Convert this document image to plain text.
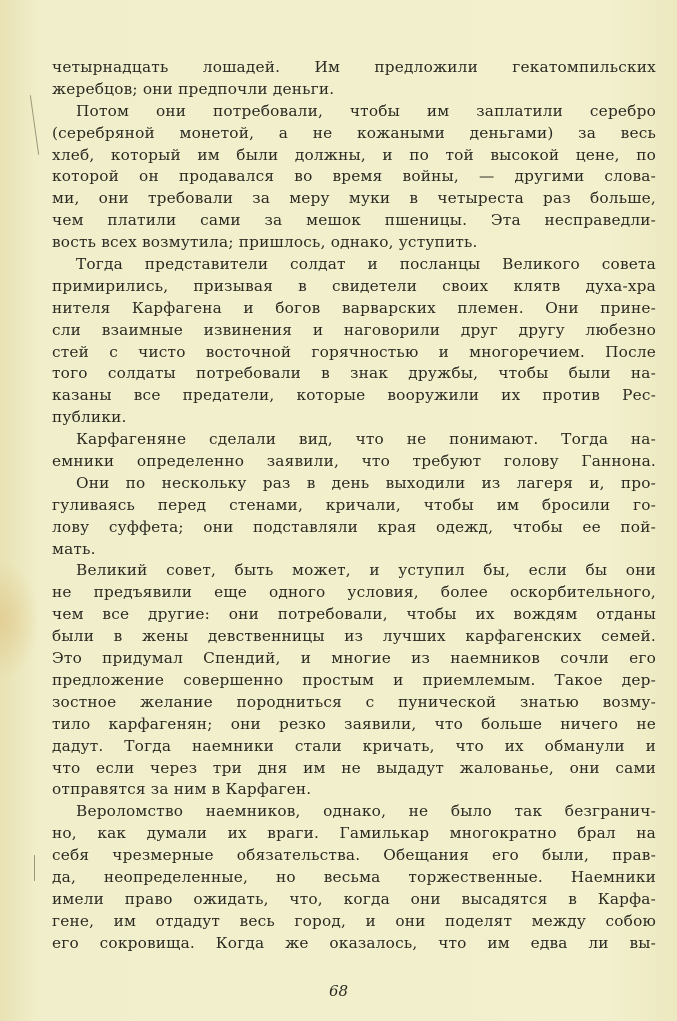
четырнадцать лошадей. Им предложили гекатомпильских
жеребцов; они предпочли деньги.
Потом они потребовали, чтобы им заплатили серебро
(серебряной монетой, а не кожаными деньгами) за весь
хлеб, который им были должны, и по той высокой цене, по
которой он продавался во время войны, — другими слова-
ми, они требовали за меру муки в четыреста раз больше,
чем платили сами за мешок пшеницы. Эта несправедли-
вость всех возмутила; пришлось, однако, уступить.
Тогда представители солдат и посланцы Великого совета
примирились, призывая в свидетели своих клятв духа-хра
нителя Карфагена и богов варварских племен. Они прине-
сли взаимные извинения и наговорили друг другу любезно
стей с чисто восточной горячностью и многоречием. После
того солдаты потребовали в знак дружбы, чтобы были на-
казаны все предатели, которые вооружили их против Рес-
публики.
Карфагеняне сделали вид, что не понимают. Тогда на-
емники определенно заявили, что требуют голову Ганнона.
Они по нескольку раз в день выходили из лагеря и, про-
гуливаясь перед стенами, кричали, чтобы им бросили го-
лову суффета; они подставляли края одежд, чтобы ее пой-
мать.
Великий совет, быть может, и уступил бы, если бы они
не предъявили еще одного условия, более оскорбительного,
чем все другие: они потребовали, чтобы их вождям отданы
были в жены девственницы из лучших карфагенских семей.
Это придумал Спендий, и многие из наемников сочли его
предложение совершенно простым и приемлемым. Такое дер-
зостное желание породниться с пунической знатью возму-
тило карфагенян; они резко заявили, что больше ничего не
дадут. Тогда наемники стали кричать, что их обманули и
что если через три дня им не выдадут жалованье, они сами
отправятся за ним в Карфаген.
Вероломство наемников, однако, не было так безгранич-
но, как думали их враги. Гамилькар многократно брал на
себя чрезмерные обязательства. Обещания его были, прав-
да, неопределенные, но весьма торжественные. Наемники
имели право ожидать, что, когда они высадятся в Карфа-
гене, им отдадут весь город, и они поделят между собою
его сокровища. Когда же оказалось, что им едва ли вы-
68
